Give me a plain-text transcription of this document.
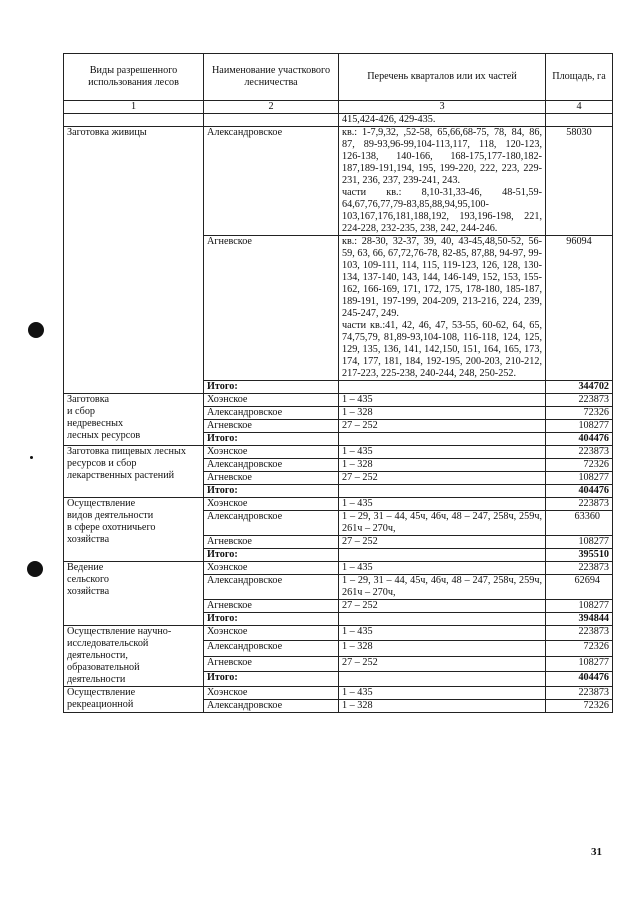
Виды разрешенного использования лесов	Наименование участкового лесничества	Перечень кварталов или их частей	Площадь, га
1	2	3	4
		415,424-426, 429-435.	
Заготовка живицы	Александровское	кв.: 1-7,9,32, ,52-58, 65,66,68-75, 78, 84, 86, 87, 89-93,96-99,104-113,117, 118, 120-123, 126-138, 140-166, 168-175,177-180,182-187,189-191,194, 195, 199-220, 222, 223, 229-231, 236, 237, 239-241, 243.
части кв.: 8,10-31,33-46, 48-51,59-64,67,76,77,79-83,85,88,94,95,100-103,167,176,181,188,192, 193,196-198, 221, 224-228, 232-235, 238, 242, 244-246.	58030
	Агневское	кв.: 28-30, 32-37, 39, 40, 43-45,48,50-52, 56-59, 63, 66, 67,72,76-78, 82-85, 87,88, 94-97, 99-103, 109-111, 114, 115, 119-123, 126, 128, 130-134, 137-140, 143, 144, 146-149, 152, 153, 155-162, 166-169, 171, 172, 175, 178-180, 185-187, 189-191, 197-199, 204-209, 213-216, 224, 239, 245-247, 249.
части кв.:41, 42, 46, 47, 53-55, 60-62, 64, 65, 74,75,79, 81,89-93,104-108, 116-118, 124, 125, 129, 135, 136, 141, 142,150, 151, 164, 165, 173, 174, 177, 181, 184, 192-195, 200-203, 210-212, 217-223, 225-238, 240-244, 248, 250-252.	96094
	Итого:		344702
Заготовка
и сбор
недревесных
лесных ресурсов	Хоэнское	1 – 435	223873
	Александровское	1 – 328	72326
	Агневское	27 – 252	108277
	Итого:		404476
Заготовка пищевых лесных ресурсов и сбор лекарственных растений	Хоэнское	1 – 435	223873
	Александровское	1 – 328	72326
	Агневское	27 – 252	108277
	Итого:		404476
Осуществление
видов деятельности
в сфере охотничьего
хозяйства	Хоэнское	1 – 435	223873
	Александровское	1 – 29, 31 – 44, 45ч, 46ч, 48 – 247, 258ч, 259ч, 261ч – 270ч,	63360
	Агневское	27 – 252	108277
	Итого:		395510
Ведение
сельского
хозяйства	Хоэнское	1 – 435	223873
	Александровское	1 – 29, 31 – 44, 45ч, 46ч, 48 – 247, 258ч, 259ч, 261ч – 270ч,	62694
	Агневское	27 – 252	108277
	Итого:		394844
Осуществление научно-исследовательской деятельности, образовательной деятельности	Хоэнское	1 – 435	223873
	Александровское	1 – 328	72326
	Агневское	27 – 252	108277
	Итого:		404476
Осуществление рекреационной	Хоэнское	1 – 435	223873
	Александровское	1 – 328	72326
31
